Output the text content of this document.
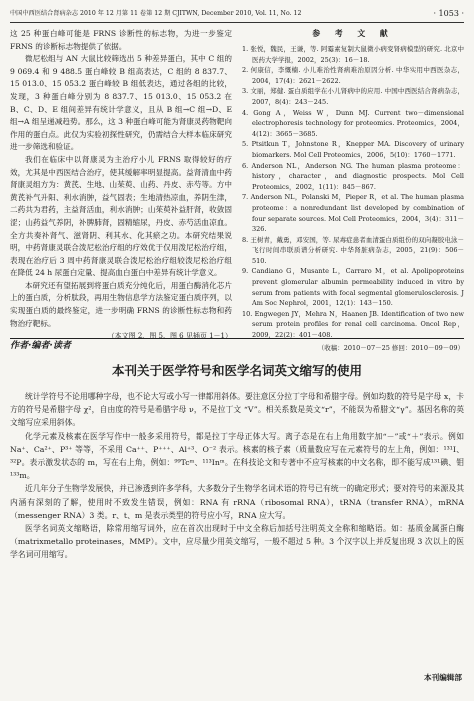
中国中西医结合肾病杂志 2010 年 12 月第 11 卷第 12 期 CJITWN, December 2010, Vol. 11, No. 12	· 1053 ·

这 25 种蛋白峰可能是 FRNS 诊断性的标志物，为进一步鉴定 FRNS 的诊断标志物提供了依据。

微尼松组与 AN 大鼠比较筛选出 5 种差异蛋白，其中 C 组的 9 069.4 和 9 488.5 蛋白峰较 B 组高表达，C 组的 8 837.7、15 013.0、15 053.2 蛋白峰较 B 组低表达，通过各组的比较，发现，3 种蛋白峰分别为 8 837.7、15 013.0、15 053.2 在 B、C、D、E 组间差异有统计学意义，且从 B 组→C 组→D、E 组→A 组呈递减趋势。那么，这 3 种蛋白峰可能为肾康灵药物靶向作用的蛋白点。此仅为实验初探性研究，仍需结合大样本临床研究进一步筛选和验证。

我们在临床中以肾康灵为主治疗小儿 FRNS 取得较好的疗效，尤其是中西医结合治疗，使其缓解率明显提高。益肾清血中药肾康灵组方为：黄芪、生地、山茱萸、山药、丹皮、赤芍等。方中黄芪补气升阳、利水消肿，益气固表；生地清热凉血，养阴生津，二药共为君药，主益肾活血，利水消肿；山茱萸补益肝肾，收敛固涩；山药益气养阴，补脾肺肾，固精缩尿，丹皮、赤芍活血凉血。全方共奏补肾气、滋肾阴、利其水、化其瘀之功。本研究结果说明，中药肾康灵联合泼尼松治疗组的疗效优于仅用泼尼松治疗组，表现在治疗后 3 周中药肾康灵联合泼尼松治疗组较泼尼松治疗组在降低 24 h 尿蛋白定量、提高血白蛋白中差异有统计学意义。

本研究还有望拓展到将蛋白质充分纯化后，用蛋白酶消化芯片上的蛋白质，分析肽段，再用生物信息学方法鉴定蛋白质序列，以实现蛋白质的最终鉴定，进一步明确 FRNS 的诊断性标志物和药物治疗靶标。

（本文图 2、图 5、图 6 见插页 1－1）

参 考 文 献

1. 张悦，魏民，王谦，等. 阿霉素复制大鼠微小病变肾病模型的研究. 北京中医药大学学报，2002，25(3)：16－18.

2. 何康信，李慨楠. 小儿难治性肾病难治原因分析. 中华实用中西医杂志，2004，17(4)：2621－2622.

3. 文丽，郑健. 蛋白质组学在小儿肾病中的应用. 中国中西医结合肾病杂志，2007，8(4)：243－245.

4. Gong A，Weiss W，Dunn MJ. Current two－dimensional electrophoresis technology for proteomics. Proteomics，2004，4(12)：3665－3685.

5. Ptsitkun T，Johnstone R，Knepper MA. Discovery of urinary biomarkers. Mol Cell Proteomics，2006，5(10)：1760－1771.

6. Anderson NL，Anderson NG. The human plasma proteome：history，character，and diagnostic prospects. Mol Cell Proteomics，2002，1(11)：845－867.

7. Anderson NL，Polanski M，Pieper R，et al. The human plasma proteome：a nonredundant list developed by combination of four separate sources. Mol Cell Proteomics，2004，3(4)：311－326.

8. 王树青，戴勇，邓安国，等. 尿毒症患者血清蛋白质组份的双向凝胶电泳－飞行时间串联质谱分析研究. 中华肾脏病杂志，2005，21(9)：506－510.

9. Candiano G，Musante L，Carraro M，et al. Apolipoproteins prevent glomerular albumin permeability induced in vitro by serum from patients with focal segmental glomerulosclerosis. J Am Soc Nephrol，2001，12(1)：143－150.

10. Engwegen JY，Mehra N，Haanen JB. Identification of two new serum protein profiles for renal cell carcinoma. Oncol Rep，2009，22(2)：401－408.

（收稿：2010－07－25 修回：2010－09－09）

作者·编者·读者
本刊关于医学符号和医学名词英文缩写的使用

统计学符号不论用哪种字母，也不论大写或小写一律都用斜体。要注意区分拉丁字母和希腊字母。例如均数的符号是字母 x，卡方的符号是希腊字母 χ²，自由度的符号是希腊字母 ν，不是拉丁文 “V”。相关系数是英文“r”，不能误为希腊文“γ”。基因名称的英文缩写应采用斜体。

化学元素及核素在医学写作中一般多采用符号，都是拉丁字母正体大写。离子态是在右上角用数字加“－”或“＋”表示。例如 Na⁺、Ca²⁺、P³⁺ 等等，不采用 Ca⁺⁺、P⁺⁺⁺、Al⁺³、O⁻² 表示。核素的核子素（质量数应写在元素符号的左上角，例如：¹³¹I、³²P。表示激发状态的 m，写在右上角，例如：⁹⁹Tcᵐ、¹¹³Inᵐ。在科技论文和专著中不应写核素的中文名称，即不能写成¹³¹碘、钼¹³³m。

近几年分子生物学发展快，并已渗透到许多学科，大多数分子生物学名词术语的符号已有统一的确定形式；要对符号的来源及其内涵有深刻的了解，使用时不致发生错误，例如：RNA 有 rRNA（ribosomal RNA），tRNA（transfer RNA），mRNA（messenger RNA）3 类。r、t、m 是表示类型的符号应小写，RNA 应大写。

医学名词英文缩略语，除常用缩写词外，应在首次出现时于中文全称后加括号注明英文全称和缩略语。如：基质金属蛋白酶（matrixmetallo proteinases，MMP）。文中，应尽量少用英文缩写，一般不超过 5 种。3 个汉字以上并反复出现 3 次以上的医学名词可用缩写。

本刊编辑部
